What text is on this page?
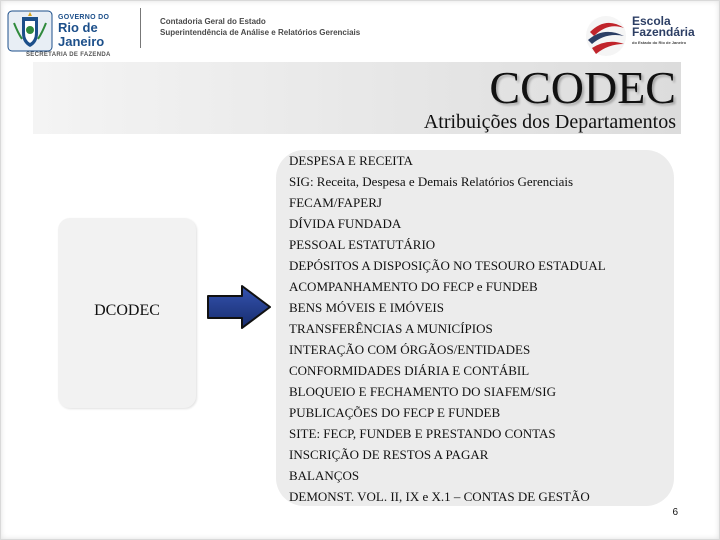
GOVERNO DO
Rio de Janeiro
SECRETARIA DE FAZENDA
Contadoria Geral do Estado
Superintendência de Análise e Relatórios Gerenciais
Escola
Fazendária
do Estado do Rio de Janeiro
CCODEC
Atribuições dos Departamentos
DCODEC
DESPESA E RECEITA
SIG: Receita, Despesa e Demais Relatórios Gerenciais
FECAM/FAPERJ
DÍVIDA FUNDADA
PESSOAL ESTATUTÁRIO
DEPÓSITOS A DISPOSIÇÃO NO TESOURO ESTADUAL
ACOMPANHAMENTO DO FECP e FUNDEB
BENS MÓVEIS E IMÓVEIS
TRANSFERÊNCIAS A MUNICÍPIOS
INTERAÇÃO COM ÓRGÃOS/ENTIDADES
CONFORMIDADES DIÁRIA E CONTÁBIL
BLOQUEIO E FECHAMENTO DO SIAFEM/SIG
PUBLICAÇÕES DO FECP E FUNDEB
SITE: FECP, FUNDEB E PRESTANDO CONTAS
INSCRIÇÃO DE RESTOS A PAGAR
BALANÇOS
DEMONST. VOL. II, IX e X.1 – CONTAS DE GESTÃO
6
